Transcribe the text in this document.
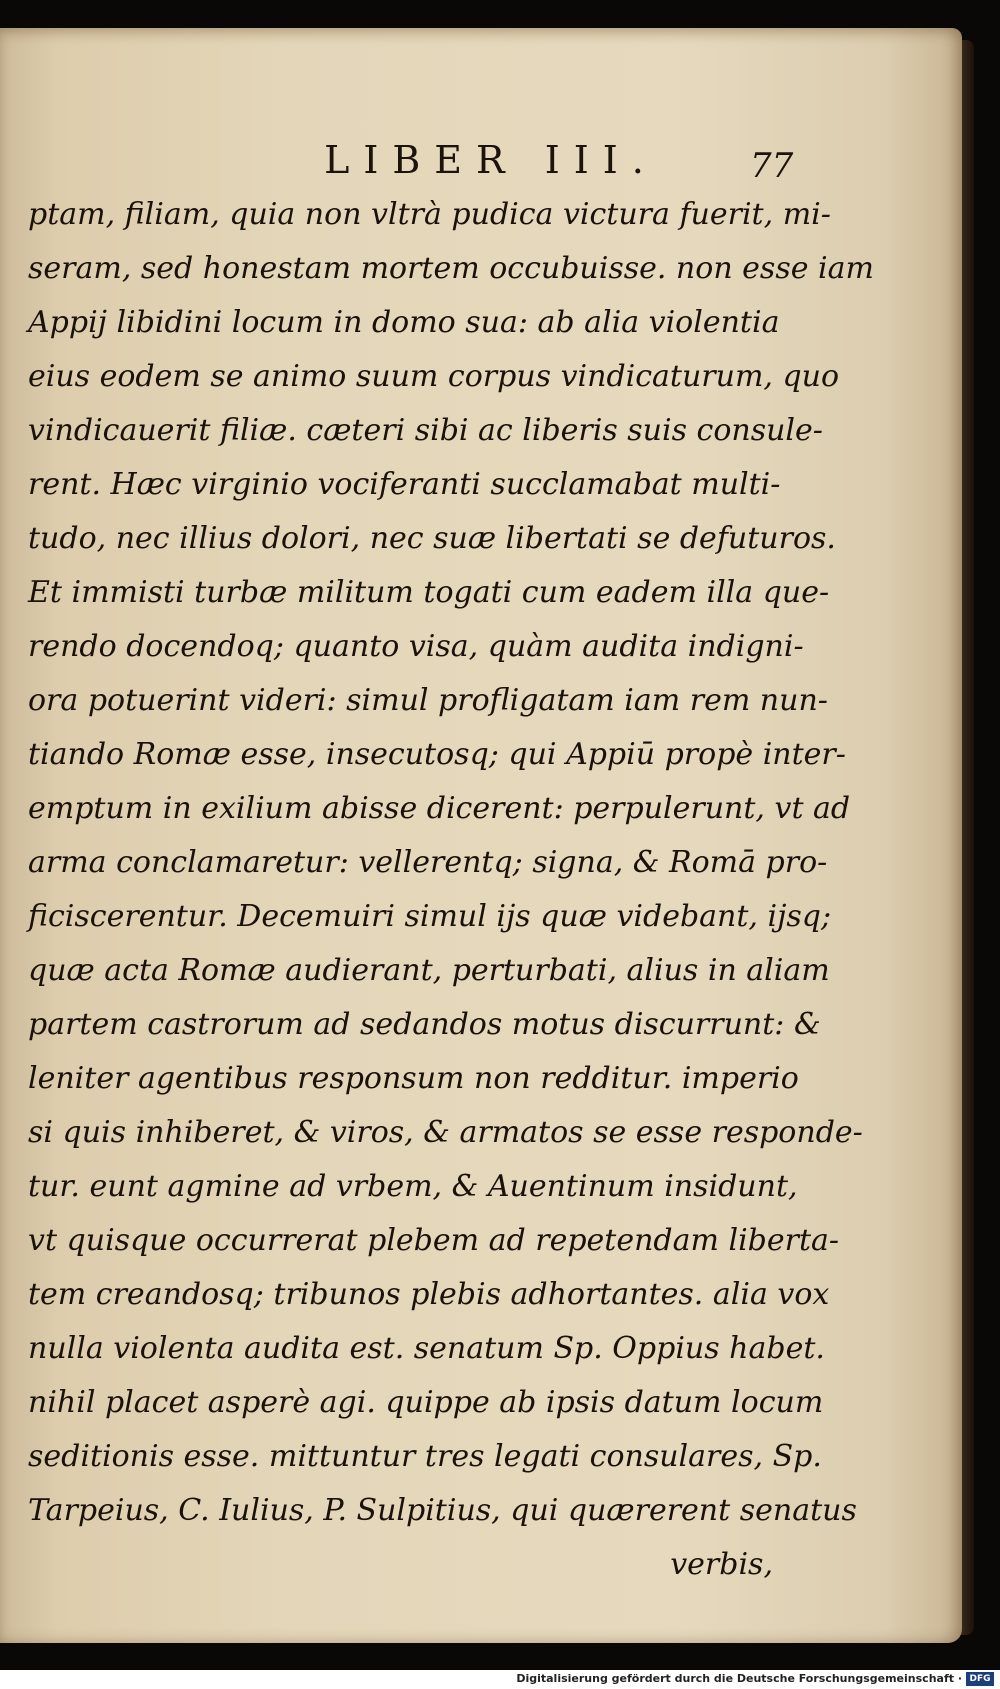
LIBER III.	77
ptam, filiam, quia non vltrà pudica victura fuerit, mi-
seram, sed honestam mortem occubuisse. non esse iam
Appij libidini locum in domo sua: ab alia violentia
eius eodem se animo suum corpus vindicaturum, quo
vindicauerit filiæ. cæteri sibi ac liberis suis consule-
rent. Hæc virginio vociferanti succlamabat multi-
tudo, nec illius dolori, nec suæ libertati se defuturos.
Et immisti turbæ militum togati cum eadem illa que-
rendo docendoq; quanto visa, quàm audita indigni-
ora potuerint videri: simul profligatam iam rem nun-
tiando Romæ esse, insecutosq; qui Appiū propè inter-
emptum in exilium abisse dicerent: perpulerunt, vt ad
arma conclamaretur: vellerentq; signa, & Romā pro-
ficiscerentur. Decemuiri simul ijs quæ videbant, ijsq;
quæ acta Romæ audierant, perturbati, alius in aliam
partem castrorum ad sedandos motus discurrunt: &
leniter agentibus responsum non redditur. imperio
si quis inhiberet, & viros, & armatos se esse responde-
tur. eunt agmine ad vrbem, & Auentinum insidunt,
vt quisque occurrerat plebem ad repetendam liberta-
tem creandosq; tribunos plebis adhortantes. alia vox
nulla violenta audita est. senatum Sp. Oppius habet.
nihil placet asperè agi. quippe ab ipsis datum locum
seditionis esse. mittuntur tres legati consulares, Sp.
Tarpeius, C. Iulius, P. Sulpitius, qui quærerent senatus
verbis,
Digitalisierung gefördert durch die Deutsche Forschungsgemeinschaft · DFG
